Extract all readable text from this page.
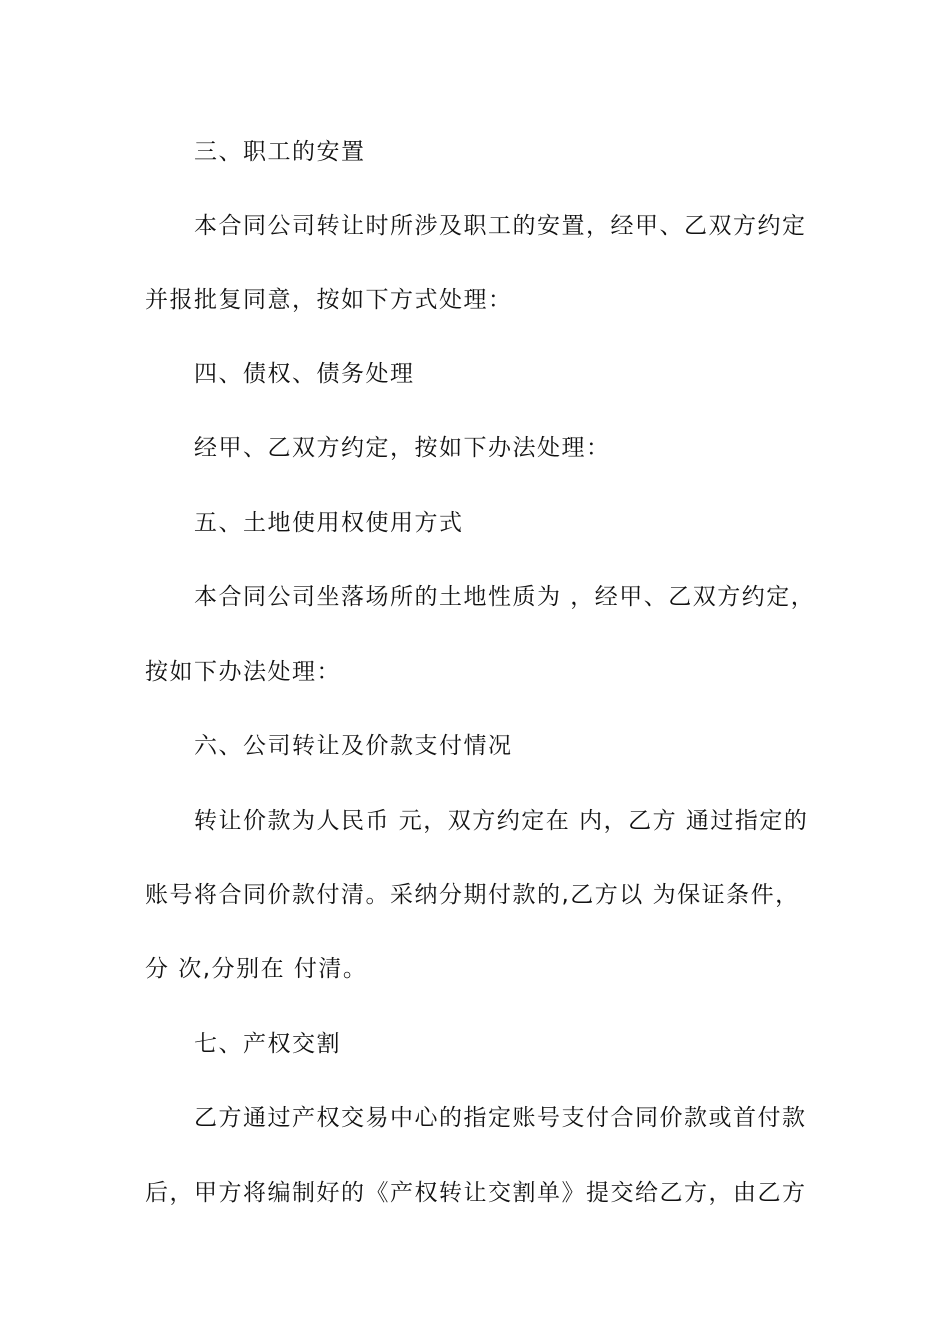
三、职工的安置
本合同公司转让时所涉及职工的安置，经甲、乙双方约定
并报批复同意，按如下方式处理：
四、债权、债务处理
经甲、乙双方约定，按如下办法处理：
五、土地使用权使用方式
本合同公司坐落场所的土地性质为 ，经甲、乙双方约定，
按如下办法处理：
六、公司转让及价款支付情况
转让价款为人民币 元，双方约定在 内，乙方 通过指定的
账号将合同价款付清。采纳分期付款的,乙方以 为保证条件，
分 次,分别在 付清。
七、产权交割
乙方通过产权交易中心的指定账号支付合同价款或首付款
后，甲方将编制好的《产权转让交割单》提交给乙方，由乙方
